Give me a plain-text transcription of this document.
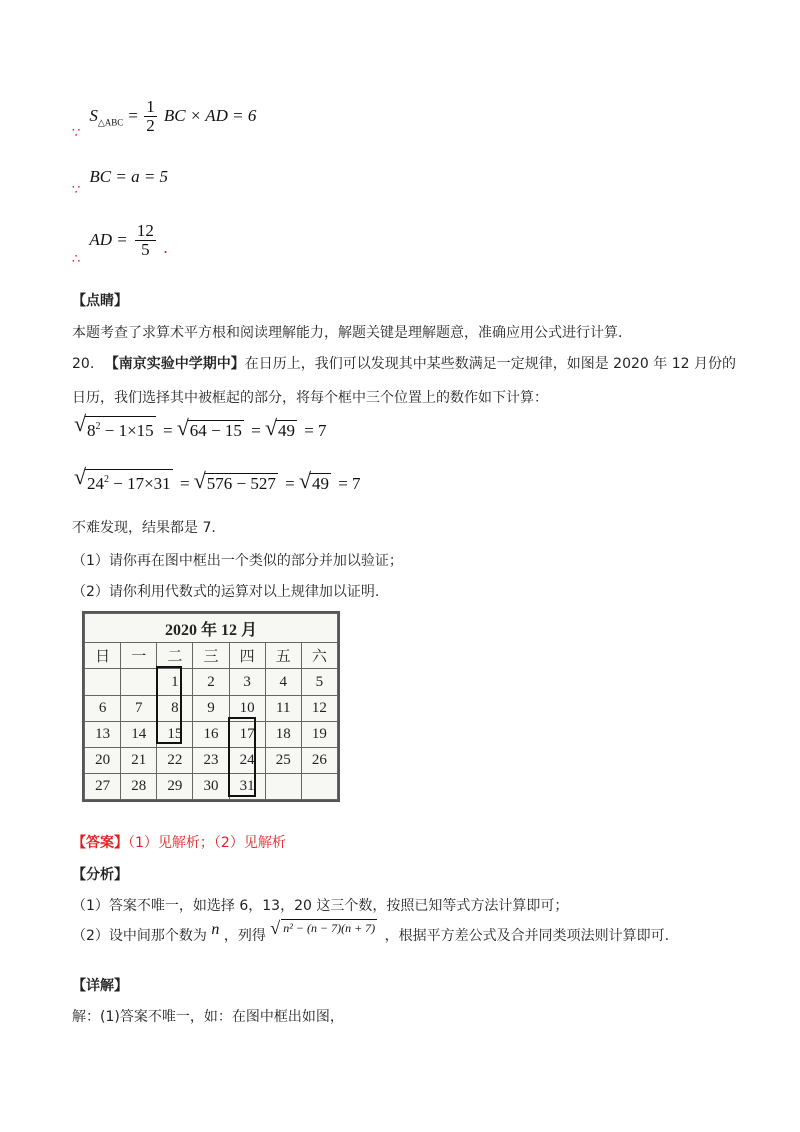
$_\because$ $S_{\triangle ABC} = \frac{1}{2}$ BC × AD = 6
$_\because$ BC = a = 5
$_\therefore$ AD = $\frac{12}{5}$ .
【点睛】
本题考查了求算术平方根和阅读理解能力，解题关键是理解题意，准确应用公式进行计算.
20. 【南京实验中学期中】在日历上，我们可以发现其中某些数满足一定规律，如图是 2020 年 12 月份的
日历，我们选择其中被框起的部分，将每个框中三个位置上的数作如下计算：
√ $8^2 - 1\times 15$ = √ 64 − 15 = √ 49 = 7
√ $24^2 - 17\times 31$ = √ 576 − 527 = √ 49 = 7
不难发现，结果都是 7.
（1）请你再在图中框出一个类似的部分并加以验证；
（2）请你利用代数式的运算对以上规律加以证明.
2020 年 12 月						
日	一	二	三	四	五	六
		1	2	3	4	5
6	7	8	9	10	11	12
13	14	15	16	17	18	19
20	21	22	23	24	25	26
27	28	29	30	31		
【答案】（1）见解析；（2）见解析
【分析】
（1）答案不唯一，如选择 6，13，20 这三个数，按照已知等式方法计算即可；
（2）设中间那个数为 n ，列得 √ n² − (n − 7)(n + 7) ，根据平方差公式及合并同类项法则计算即可.
【详解】
解：(1)答案不唯一，如：在图中框出如图，
